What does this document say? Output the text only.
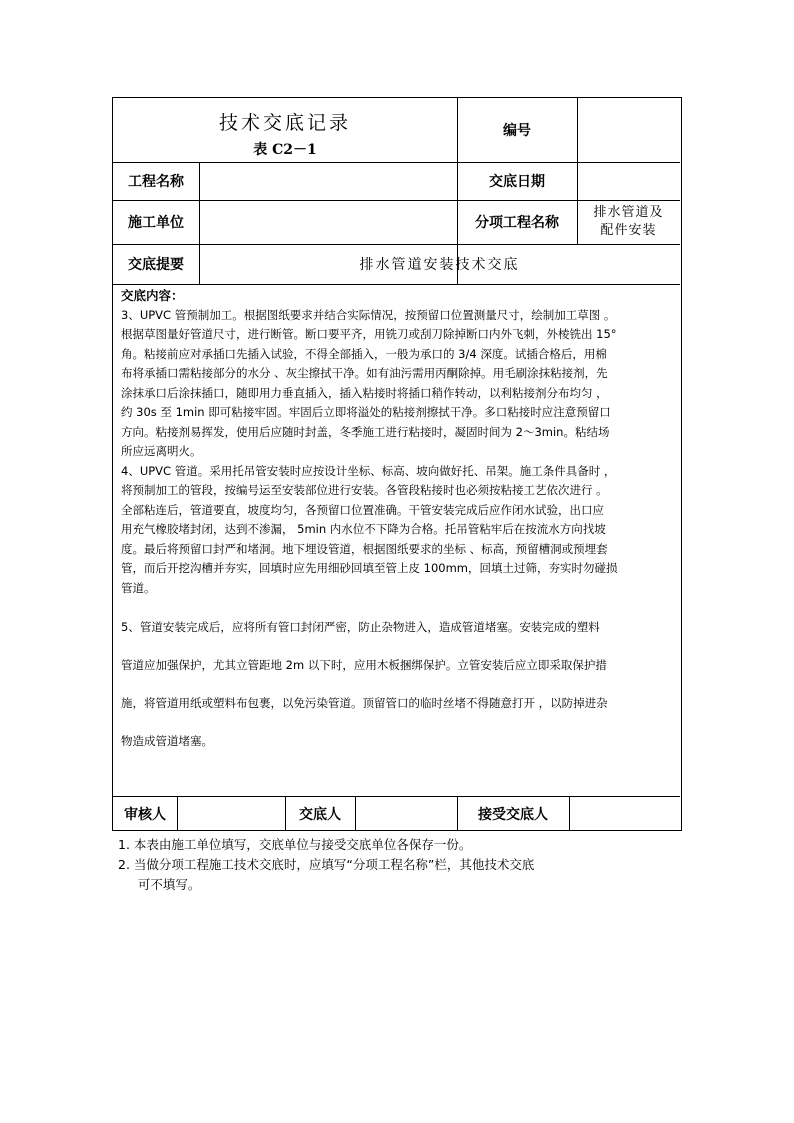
技术交底记录
表 C2－1
编号
工程名称	交底日期
施工单位	分项工程名称
排水管道及
配件安装
交底提要	排水管道安装技术交底

交底内容：

3、UPVC 管预制加工。根据图纸要求并结合实际情况，按预留口位置测量尺寸，绘制加工草图 。

根据草图量好管道尺寸，进行断管。断口要平齐，用铣刀或刮刀除掉断口内外飞刺，外棱铣出 15°

角。粘接前应对承插口先插入试验，不得全部插入，一般为承口的 3/4 深度。试插合格后，用棉

布将承插口需粘接部分的水分 、灰尘擦拭干净。如有油污需用丙酮除掉。用毛刷涂抹粘接剂，先

涂抹承口后涂抹插口，随即用力垂直插入，插入粘接时将插口稍作转动，以利粘接剂分布均匀 ，

约 30s 至 1min 即可粘接牢固。牢固后立即将溢处的粘接剂擦拭干净。多口粘接时应注意预留口

方向。粘接剂易挥发，使用后应随时封盖，冬季施工进行粘接时，凝固时间为 2～3min。粘结场

所应远离明火。

4、UPVC 管道。采用托吊管安装时应按设计坐标、标高、坡向做好托、吊架。施工条件具备时 ，

将预制加工的管段，按编号运至安装部位进行安装。各管段粘接时也必须按粘接工艺依次进行 。

全部粘连后，管道要直，坡度均匀，各预留口位置准确。干管安装完成后应作闭水试验，出口应

用充气橡胶堵封闭，达到不渗漏， 5min 内水位不下降为合格。托吊管粘牢后在按流水方向找坡

度。最后将预留口封严和堵洞。地下埋设管道，根据图纸要求的坐标 、标高，预留槽洞或预埋套

管，而后开挖沟槽并夯实，回填时应先用细砂回填至管上皮 100mm，回填土过筛，夯实时勿碰损

管道。

5、管道安装完成后，应将所有管口封闭严密，防止杂物进入，造成管道堵塞。安装完成的塑料

管道应加强保护，尤其立管距地 2m 以下时，应用木板捆绑保护。立管安装后应立即采取保护措

施，将管道用纸或塑料布包裹，以免污染管道。顶留管口的临时丝堵不得随意打开 ，以防掉进杂

物造成管道堵塞。

审核人	交底人	接受交底人

1. 本表由施工单位填写，交底单位与接受交底单位各保存一份。

2. 当做分项工程施工技术交底时，应填写“分项工程名称”栏，其他技术交底

可不填写。
